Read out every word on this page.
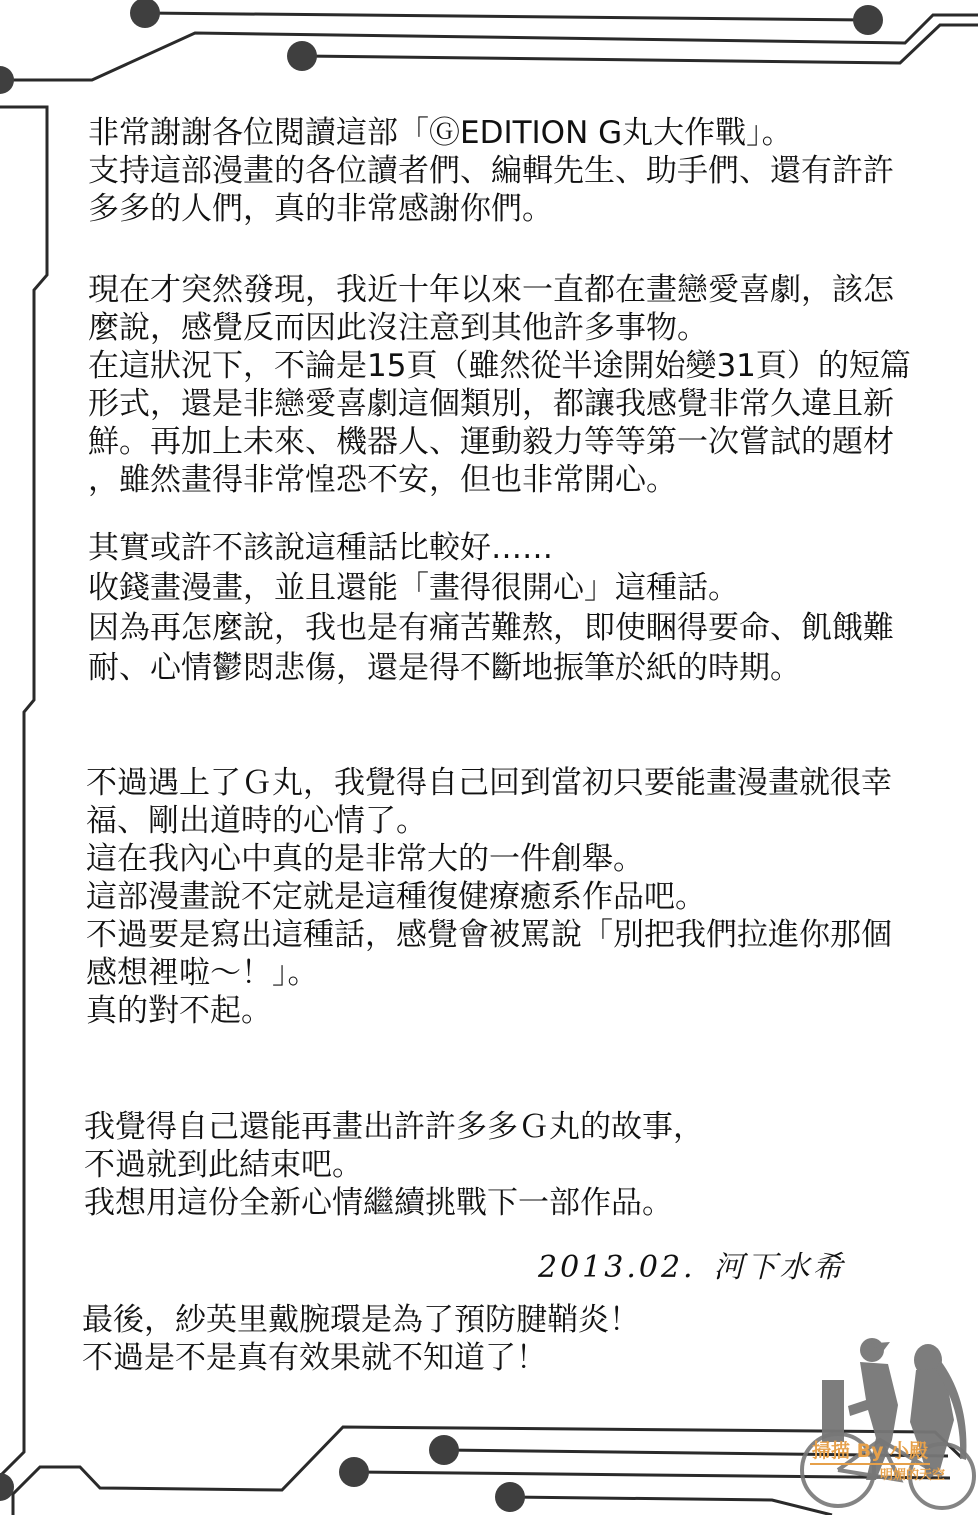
非常謝謝各位閱讀這部「ⒼEDITION G丸大作戰」。
支持這部漫畫的各位讀者們、編輯先生、助手們、還有許許
多多的人們，真的非常感謝你們。
現在才突然發現，我近十年以來一直都在畫戀愛喜劇，該怎
麼說，感覺反而因此沒注意到其他許多事物。
在這狀況下，不論是15頁（雖然從半途開始變31頁）的短篇
形式，還是非戀愛喜劇這個類別，都讓我感覺非常久違且新
鮮。再加上未來、機器人、運動毅力等等第一次嘗試的題材
，雖然畫得非常惶恐不安，但也非常開心。
其實或許不該說這種話比較好……
收錢畫漫畫，並且還能「畫得很開心」這種話。
因為再怎麼說，我也是有痛苦難熬，即使睏得要命、飢餓難
耐、心情鬱悶悲傷，還是得不斷地振筆於紙的時期。
不過遇上了Ｇ丸，我覺得自己回到當初只要能畫漫畫就很幸
福、剛出道時的心情了。
這在我內心中真的是非常大的一件創舉。
這部漫畫說不定就是這種復健療癒系作品吧。
不過要是寫出這種話，感覺會被罵說「別把我們拉進你那個
感想裡啦～！」。
真的對不起。
我覺得自己還能再畫出許許多多Ｇ丸的故事，
不過就到此結束吧。
我想用這份全新心情繼續挑戰下一部作品。
2013.02. 河下水希
最後，紗英里戴腕環是為了預防腱鞘炎！
不過是不是真有效果就不知道了！
掃描 By 小殿
明媚的天空
